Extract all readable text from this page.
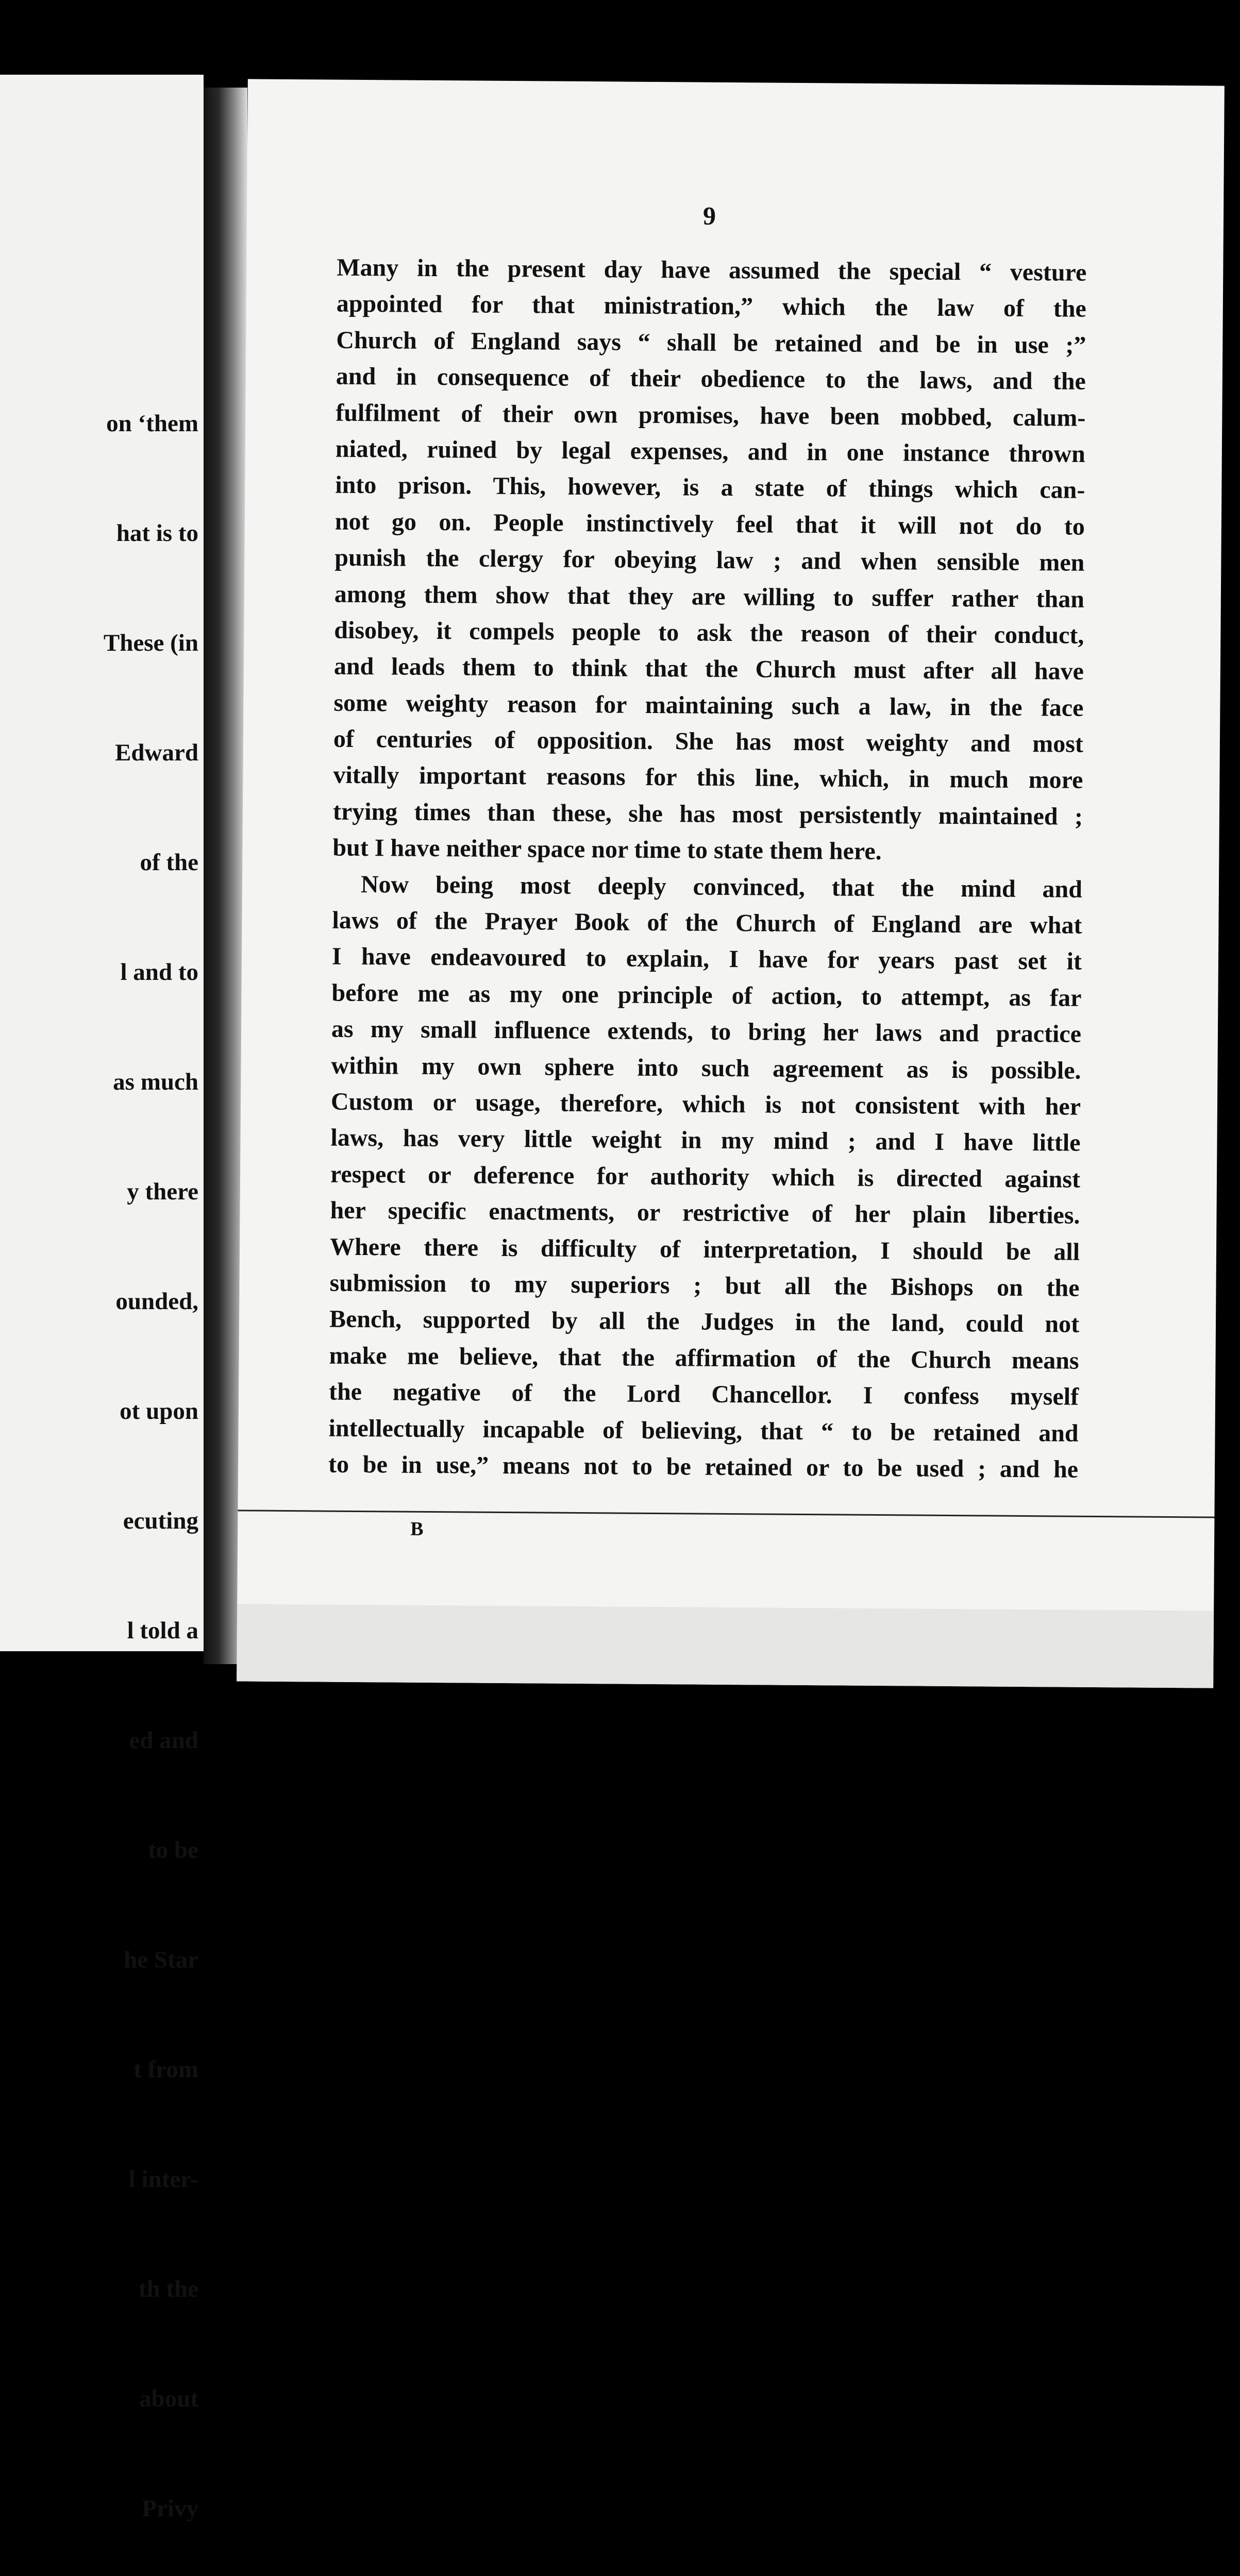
on ‘them

hat is to

These (in

Edward

of the

l and to

as much

y there

ounded,

ot upon

ecuting

l told a

ed and

to be

he Star

t from

l inter-

th the

about

Privy

9
Many in the present day have assumed the special “ vesture
appointed for that ministration,” which the law of the
Church of England says “ shall be retained and be in use ;”
and in consequence of their obedience to the laws, and the
fulfilment of their own promises, have been mobbed, calum-
niated, ruined by legal expenses, and in one instance thrown
into prison. This, however, is a state of things which can-
not go on. People instinctively feel that it will not do to
punish the clergy for obeying law ; and when sensible men
among them show that they are willing to suffer rather than
disobey, it compels people to ask the reason of their conduct,
and leads them to think that the Church must after all have
some weighty reason for maintaining such a law, in the face
of centuries of opposition. She has most weighty and most
vitally important reasons for this line, which, in much more
trying times than these, she has most persistently maintained ;
but I have neither space nor time to state them here.
Now being most deeply convinced, that the mind and
laws of the Prayer Book of the Church of England are what
I have endeavoured to explain, I have for years past set it
before me as my one principle of action, to attempt, as far
as my small influence extends, to bring her laws and practice
within my own sphere into such agreement as is possible.
Custom or usage, therefore, which is not consistent with her
laws, has very little weight in my mind ; and I have little
respect or deference for authority which is directed against
her specific enactments, or restrictive of her plain liberties.
Where there is difficulty of interpretation, I should be all
submission to my superiors ; but all the Bishops on the
Bench, supported by all the Judges in the land, could not
make me believe, that the affirmation of the Church means
the negative of the Lord Chancellor. I confess myself
intellectually incapable of believing, that “ to be retained and
to be in use,” means not to be retained or to be used ; and he
B
